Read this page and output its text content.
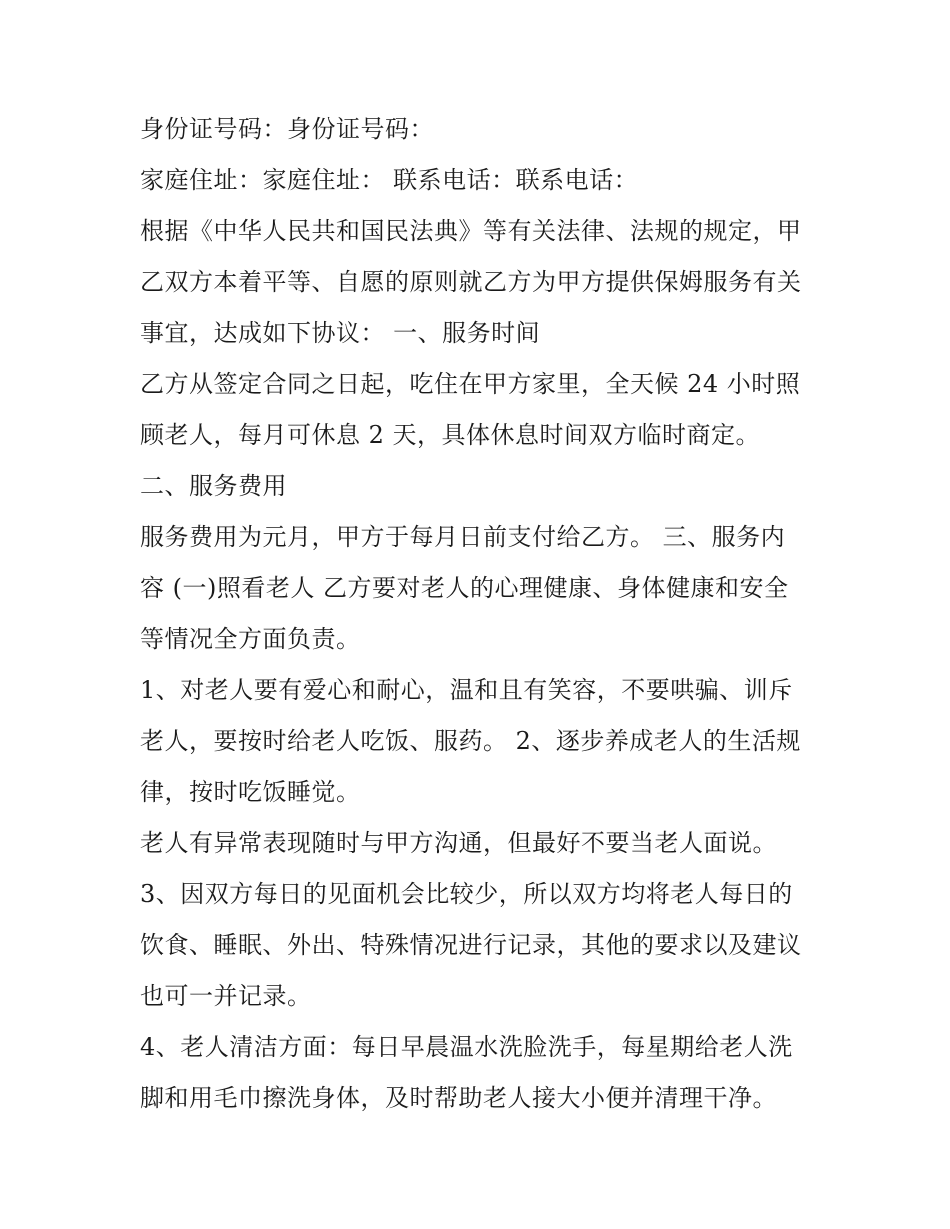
身份证号码：身份证号码：
家庭住址：家庭住址： 联系电话：联系电话：
根据《中华人民共和国民法典》等有关法律、法规的规定，甲
乙双方本着平等、自愿的原则就乙方为甲方提供保姆服务有关
事宜，达成如下协议： 一、服务时间
乙方从签定合同之日起，吃住在甲方家里，全天候 24 小时照
顾老人，每月可休息 2 天，具体休息时间双方临时商定。
二、服务费用
服务费用为元月，甲方于每月日前支付给乙方。 三、服务内
容 (一)照看老人 乙方要对老人的心理健康、身体健康和安全
等情况全方面负责。
1、对老人要有爱心和耐心，温和且有笑容，不要哄骗、训斥
老人，要按时给老人吃饭、服药。 2、逐步养成老人的生活规
律，按时吃饭睡觉。
老人有异常表现随时与甲方沟通，但最好不要当老人面说。
3、因双方每日的见面机会比较少，所以双方均将老人每日的
饮食、睡眠、外出、特殊情况进行记录，其他的要求以及建议
也可一并记录。
4、老人清洁方面：每日早晨温水洗脸洗手，每星期给老人洗
脚和用毛巾擦洗身体，及时帮助老人接大小便并清理干净。
